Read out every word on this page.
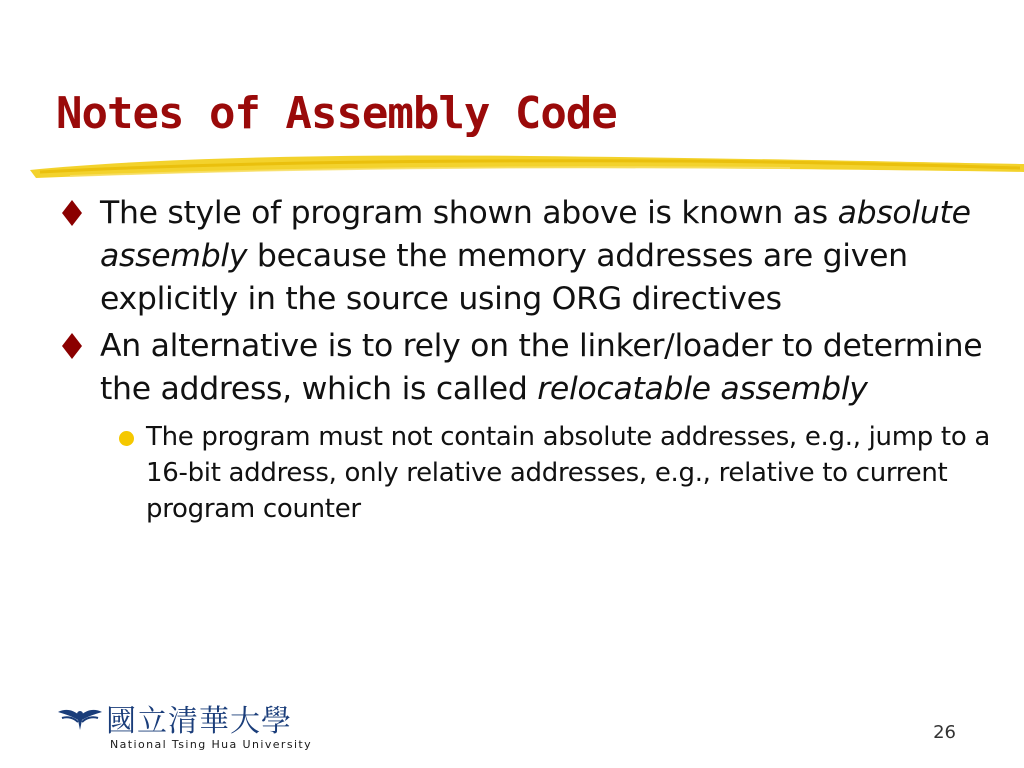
Notes of Assembly Code
The style of program shown above is known as absolute assembly because the memory addresses are given explicitly in the source using ORG directives
An alternative is to rely on the linker/loader to determine the address, which is called relocatable assembly
The program must not contain absolute addresses, e.g., jump to a 16-bit address, only relative addresses, e.g., relative to current program counter
國立清華大學
National Tsing Hua University
26
